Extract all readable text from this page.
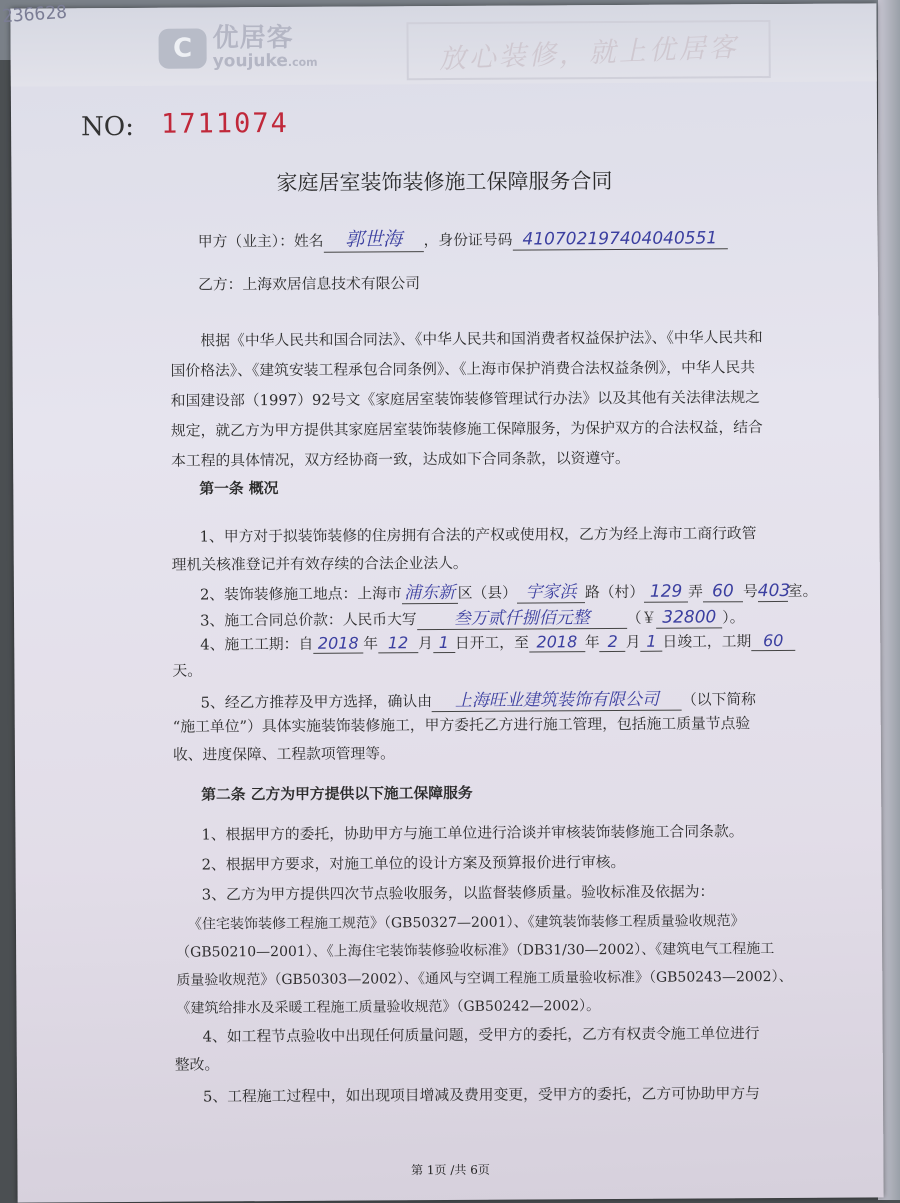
C 优居客
youjuke.com	放心装修，就上优居客
NO: 1711074
家庭居室装饰装修施工保障服务合同
甲方（业主）：姓名 郭世海 ，身份证号码 410702197404040551
乙方：上海欢居信息技术有限公司
根据《中华人民共和国合同法》、《中华人民共和国消费者权益保护法》、《中华人民共和
国价格法》、《建筑安装工程承包合同条例》、《上海市保护消费合法权益条例》，中华人民共
和国建设部（1997）92号文《家庭居室装饰装修管理试行办法》以及其他有关法律法规之
规定，就乙方为甲方提供其家庭居室装饰装修施工保障服务，为保护双方的合法权益，结合
本工程的具体情况，双方经协商一致，达成如下合同条款，以资遵守。
第一条 概况
1、甲方对于拟装饰装修的住房拥有合法的产权或使用权，乙方为经上海市工商行政管
理机关核准登记并有效存续的合法企业法人。
2、装饰装修施工地点：上海市 浦东新 区（县） 宇家浜 路（村） 129 弄 60 号403室。
3、施工合同总价款：人民币大写 叁万贰仟捌佰元整 （￥ 32800 ）。
4、施工工期：自 2018 年 12 月 1 日开工，至 2018 年 2 月 1 日竣工，工期 60
天。
5、经乙方推荐及甲方选择，确认由 上海旺业建筑装饰有限公司 （以下简称
“施工单位”）具体实施装饰装修施工，甲方委托乙方进行施工管理，包括施工质量节点验
收、进度保障、工程款项管理等。
第二条 乙方为甲方提供以下施工保障服务
1、根据甲方的委托，协助甲方与施工单位进行洽谈并审核装饰装修施工合同条款。
2、根据甲方要求，对施工单位的设计方案及预算报价进行审核。
3、乙方为甲方提供四次节点验收服务，以监督装修质量。验收标准及依据为：
《住宅装饰装修工程施工规范》（GB50327—2001）、《建筑装饰装修工程质量验收规范》
（GB50210—2001）、《上海住宅装饰装修验收标准》（DB31/30—2002）、《建筑电气工程施工
质量验收规范》（GB50303—2002）、《通风与空调工程施工质量验收标准》（GB50243—2002）、
《建筑给排水及采暖工程施工质量验收规范》（GB50242—2002）。
4、如工程节点验收中出现任何质量问题，受甲方的委托，乙方有权责令施工单位进行
整改。
5、工程施工过程中，如出现项目增减及费用变更，受甲方的委托，乙方可协助甲方与
第 1页 /共 6页
236628
